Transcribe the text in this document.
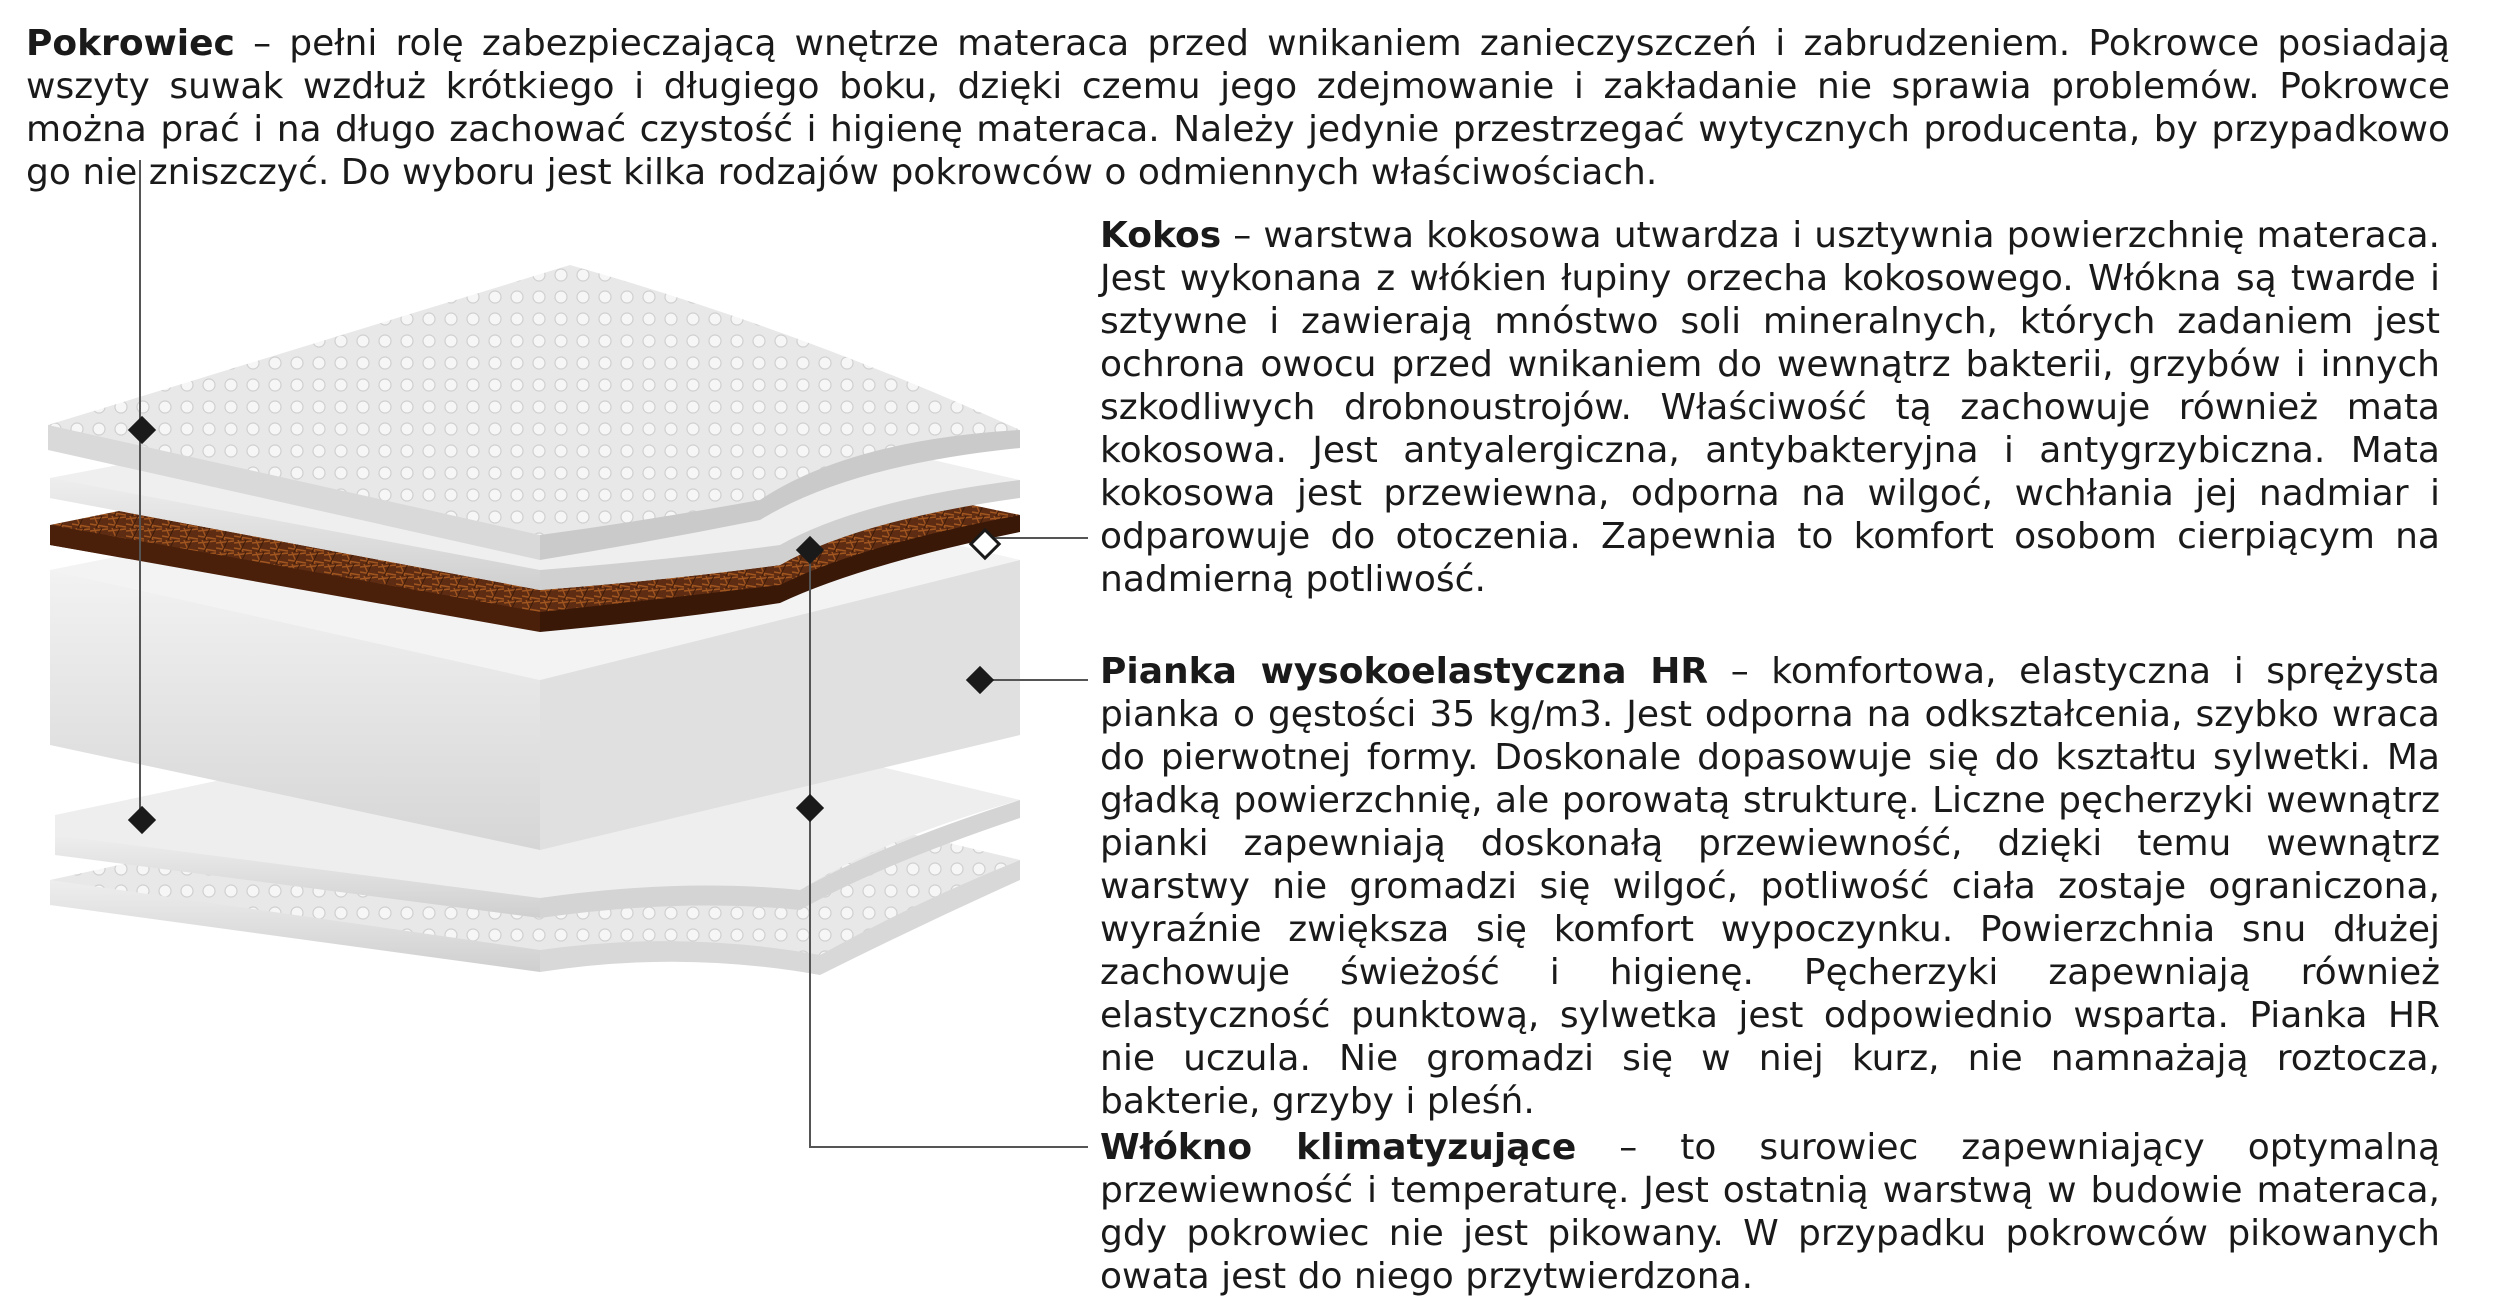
Pokrowiec – pełni rolę zabezpieczającą wnętrze materaca przed wnikaniem zanieczyszczeń i zabrudzeniem. Pokrowce posiadają wszyty suwak wzdłuż krótkiego i długiego boku, dzięki czemu jego zdejmowanie i zakładanie nie sprawia problemów. Pokrowce można prać i na długo zachować czystość i higienę materaca. Należy jedynie przestrzegać wytycznych producenta, by przypadkowo go nie zniszczyć. Do wyboru jest kilka rodzajów pokrowców o odmiennych właściwościach.

Kokos – warstwa kokosowa utwardza i usztywnia powierzchnię materaca. Jest wykonana z włókien łupiny orzecha kokosowego. Włókna są twarde i sztywne i zawierają mnóstwo soli mineralnych, których zadaniem jest ochrona owocu przed wnikaniem do wewnątrz bakterii, grzybów i innych szkodliwych drobnoustrojów. Właściwość tą zachowuje również mata kokosowa. Jest antyalergiczna, antybakteryjna i antygrzybiczna. Mata kokosowa jest przewiewna, odporna na wilgoć, wchłania jej nadmiar i odparowuje do otoczenia. Zapewnia to komfort osobom cierpiącym na nadmierną potliwość.

Pianka wysokoelastyczna HR – komfortowa, elastyczna i sprężysta pianka o gęstości 35 kg/m3. Jest odporna na odkształcenia, szybko wraca do pierwotnej formy. Doskonale dopasowuje się do kształtu sylwetki. Ma gładką powierzchnię, ale porowatą strukturę. Liczne pęcherzyki wewnątrz pianki zapewniają doskonałą przewiewność, dzięki temu wewnątrz warstwy nie gromadzi się wilgoć, potliwość ciała zostaje ograniczona, wyraźnie zwiększa się komfort wypoczynku. Powierzchnia snu dłużej zachowuje świeżość i higienę. Pęcherzyki zapewniają również elastyczność punktową, sylwetka jest odpowiednio wsparta. Pianka HR nie uczula. Nie gromadzi się w niej kurz, nie namnażają roztocza, bakterie, grzyby i pleśń.

Włókno klimatyzujące – to surowiec zapewniający optymalną przewiewność i temperaturę. Jest ostatnią warstwą w budowie materaca, gdy pokrowiec nie jest pikowany. W przypadku pokrowców pikowanych owata jest do niego przytwierdzona.
